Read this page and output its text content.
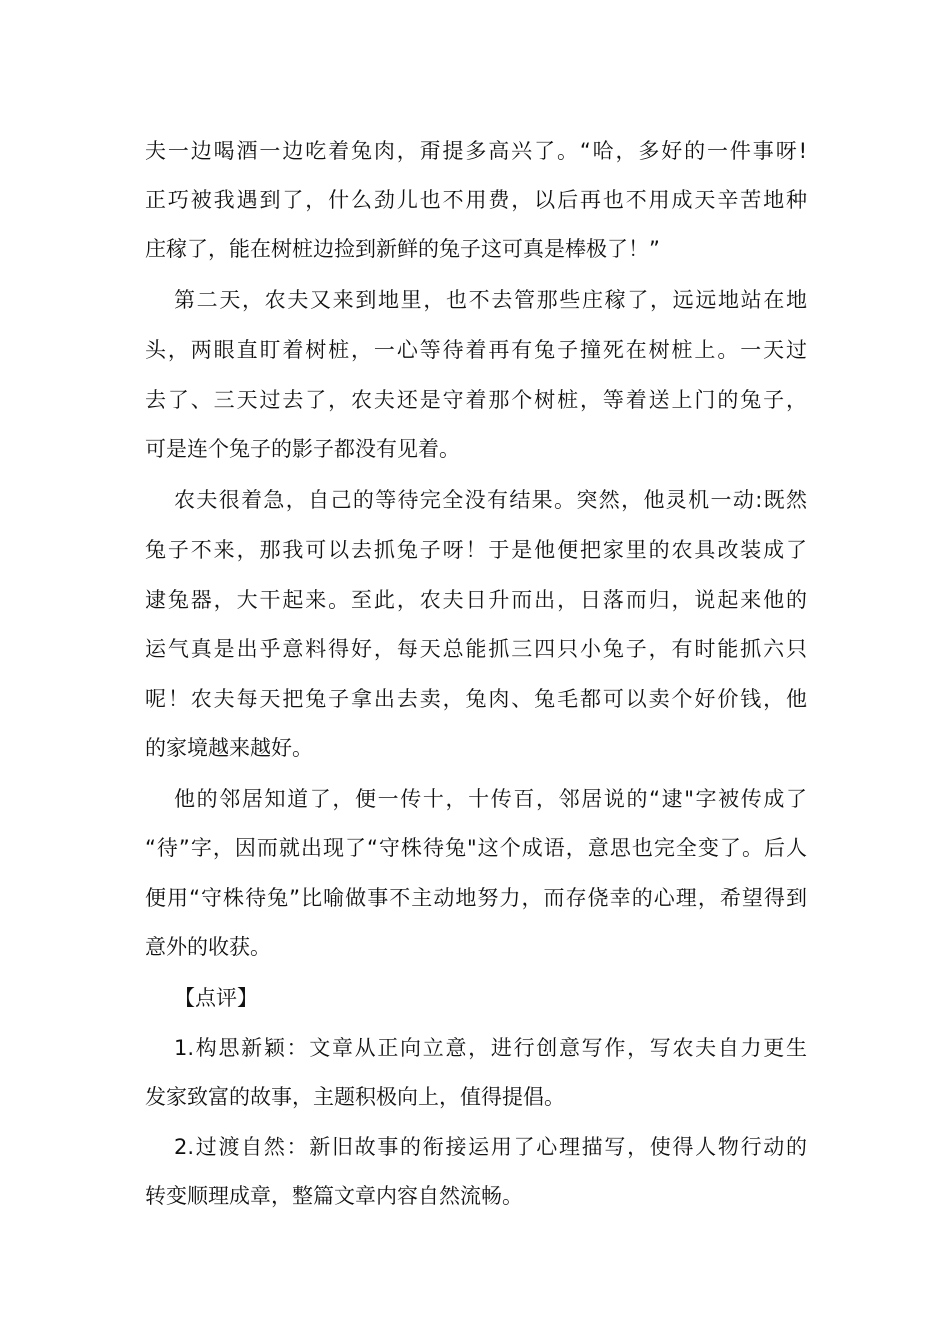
夫一边喝酒一边吃着兔肉，甭提多高兴了。“哈，多好的一件事呀!
正巧被我遇到了，什么劲儿也不用费，以后再也不用成天辛苦地种
庄稼了，能在树桩边捡到新鲜的兔子这可真是棒极了！”
第二天，农夫又来到地里，也不去管那些庄稼了，远远地站在地
头，两眼直盯着树桩，一心等待着再有兔子撞死在树桩上。一天过
去了、三天过去了，农夫还是守着那个树桩，等着送上门的兔子，
可是连个兔子的影子都没有见着。
农夫很着急，自己的等待完全没有结果。突然，他灵机一动:既然
兔子不来，那我可以去抓兔子呀！于是他便把家里的农具改装成了
逮兔器，大干起来。至此，农夫日升而出，日落而归，说起来他的
运气真是出乎意料得好，每天总能抓三四只小兔子，有时能抓六只
呢！农夫每天把兔子拿出去卖，兔肉、兔毛都可以卖个好价钱，他
的家境越来越好。
他的邻居知道了，便一传十，十传百，邻居说的“逮"字被传成了
“待”字，因而就出现了“守株待兔"这个成语，意思也完全变了。后人
便用“守株待兔”比喻做事不主动地努力，而存侥幸的心理，希望得到
意外的收获。
【点评】
1.构思新颖：文章从正向立意，进行创意写作，写农夫自力更生
发家致富的故事，主题积极向上，值得提倡。
2.过渡自然：新旧故事的衔接运用了心理描写，使得人物行动的
转变顺理成章，整篇文章内容自然流畅。
